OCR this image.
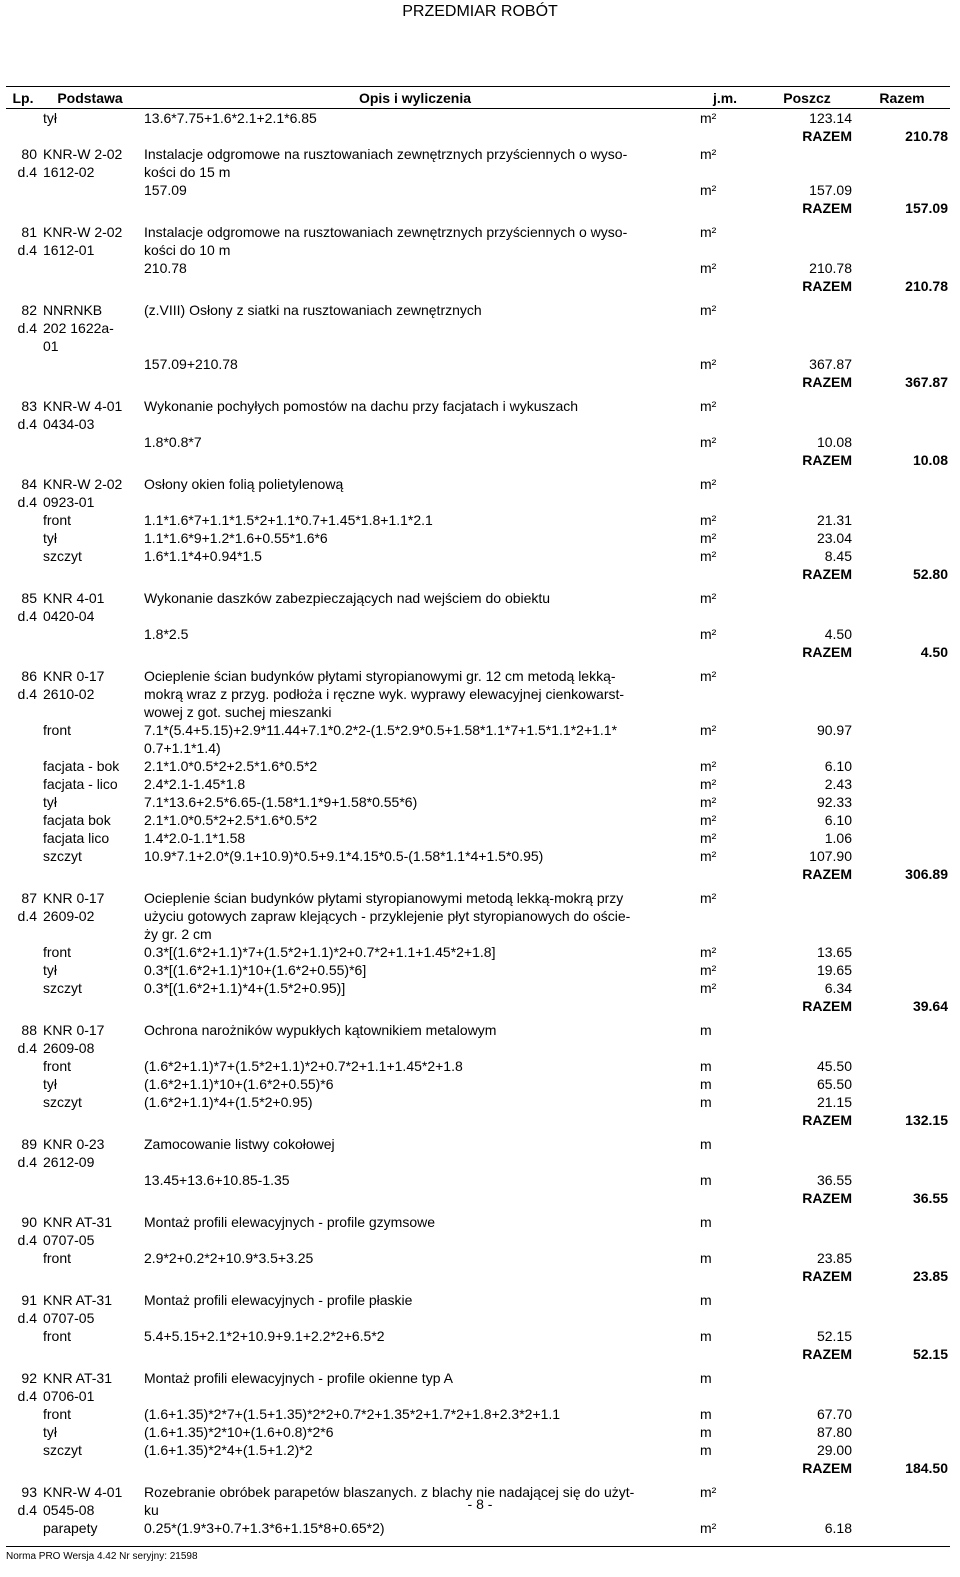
PRZEDMIAR ROBÓT
Lp.	Podstawa	Opis i wyliczenia	j.m.	Poszcz	Razem
	tył	13.6*7.75+1.6*2.1+2.1*6.85	m²	123.14	
				RAZEM	210.78
80	KNR-W 2-02	Instalacje odgromowe na rusztowaniach zewnętrznych przyściennych o wyso-	m²		
d.4	1612-02	kości do 15 m			
		157.09	m²	157.09	
				RAZEM	157.09

81	KNR-W 2-02	Instalacje odgromowe na rusztowaniach zewnętrznych przyściennych o wyso-	m²		
d.4	1612-01	kości do 10 m			
		210.78	m²	210.78	
				RAZEM	210.78

82	NNRNKB	(z.VIII) Osłony z siatki na rusztowaniach zewnętrznych	m²		
d.4	202 1622a-				
	01				
		157.09+210.78	m²	367.87	
				RAZEM	367.87

83	KNR-W 4-01	Wykonanie pochyłych pomostów na dachu przy facjatach i wykuszach	m²		
d.4	0434-03				
		1.8*0.8*7	m²	10.08	
				RAZEM	10.08

84	KNR-W 2-02	Osłony okien folią polietylenową	m²		
d.4	0923-01				
	front	1.1*1.6*7+1.1*1.5*2+1.1*0.7+1.45*1.8+1.1*2.1	m²	21.31	
	tył	1.1*1.6*9+1.2*1.6+0.55*1.6*6	m²	23.04	
	szczyt	1.6*1.1*4+0.94*1.5	m²	8.45	
				RAZEM	52.80

85	KNR 4-01	Wykonanie daszków zabezpieczających nad wejściem do obiektu	m²		
d.4	0420-04				
		1.8*2.5	m²	4.50	
				RAZEM	4.50

86	KNR 0-17	Ocieplenie ścian budynków płytami styropianowymi gr. 12 cm metodą lekką-	m²		
d.4	2610-02	mokrą wraz z przyg. podłoża i ręczne wyk. wyprawy elewacyjnej cienkowarst-			
		wowej z got. suchej mieszanki			
	front	7.1*(5.4+5.15)+2.9*11.44+7.1*0.2*2-(1.5*2.9*0.5+1.58*1.1*7+1.5*1.1*2+1.1*	m²	90.97	
		0.7+1.1*1.4)			
	facjata - bok	2.1*1.0*0.5*2+2.5*1.6*0.5*2	m²	6.10	
	facjata - lico	2.4*2.1-1.45*1.8	m²	2.43	
	tył	7.1*13.6+2.5*6.65-(1.58*1.1*9+1.58*0.55*6)	m²	92.33	
	facjata bok	2.1*1.0*0.5*2+2.5*1.6*0.5*2	m²	6.10	
	facjata lico	1.4*2.0-1.1*1.58	m²	1.06	
	szczyt	10.9*7.1+2.0*(9.1+10.9)*0.5+9.1*4.15*0.5-(1.58*1.1*4+1.5*0.95)	m²	107.90	
				RAZEM	306.89

87	KNR 0-17	Ocieplenie ścian budynków płytami styropianowymi metodą lekką-mokrą przy	m²		
d.4	2609-02	użyciu gotowych zapraw klejących - przyklejenie płyt styropianowych do oście-			
		ży gr. 2 cm			
	front	0.3*[(1.6*2+1.1)*7+(1.5*2+1.1)*2+0.7*2+1.1+1.45*2+1.8]	m²	13.65	
	tył	0.3*[(1.6*2+1.1)*10+(1.6*2+0.55)*6]	m²	19.65	
	szczyt	0.3*[(1.6*2+1.1)*4+(1.5*2+0.95)]	m²	6.34	
				RAZEM	39.64

88	KNR 0-17	Ochrona narożników wypukłych kątownikiem metalowym	m		
d.4	2609-08				
	front	(1.6*2+1.1)*7+(1.5*2+1.1)*2+0.7*2+1.1+1.45*2+1.8	m	45.50	
	tył	(1.6*2+1.1)*10+(1.6*2+0.55)*6	m	65.50	
	szczyt	(1.6*2+1.1)*4+(1.5*2+0.95)	m	21.15	
				RAZEM	132.15

89	KNR 0-23	Zamocowanie listwy cokołowej	m		
d.4	2612-09				
		13.45+13.6+10.85-1.35	m	36.55	
				RAZEM	36.55

90	KNR AT-31	Montaż profili elewacyjnych - profile gzymsowe	m		
d.4	0707-05				
	front	2.9*2+0.2*2+10.9*3.5+3.25	m	23.85	
				RAZEM	23.85

91	KNR AT-31	Montaż profili elewacyjnych - profile płaskie	m		
d.4	0707-05				
	front	5.4+5.15+2.1*2+10.9+9.1+2.2*2+6.5*2	m	52.15	
				RAZEM	52.15

92	KNR AT-31	Montaż profili elewacyjnych - profile okienne typ A	m		
d.4	0706-01				
	front	(1.6+1.35)*2*7+(1.5+1.35)*2*2+0.7*2+1.35*2+1.7*2+1.8+2.3*2+1.1	m	67.70	
	tył	(1.6+1.35)*2*10+(1.6+0.8)*2*6	m	87.80	
	szczyt	(1.6+1.35)*2*4+(1.5+1.2)*2	m	29.00	
				RAZEM	184.50

93	KNR-W 4-01	Rozebranie obróbek parapetów blaszanych. z blachy nie nadającej się do użyt-	m²		
d.4	0545-08	ku			
	parapety	0.25*(1.9*3+0.7+1.3*6+1.15*8+0.65*2)	m²	6.18	
- 8 -
Norma PRO Wersja 4.42 Nr seryjny: 21598
